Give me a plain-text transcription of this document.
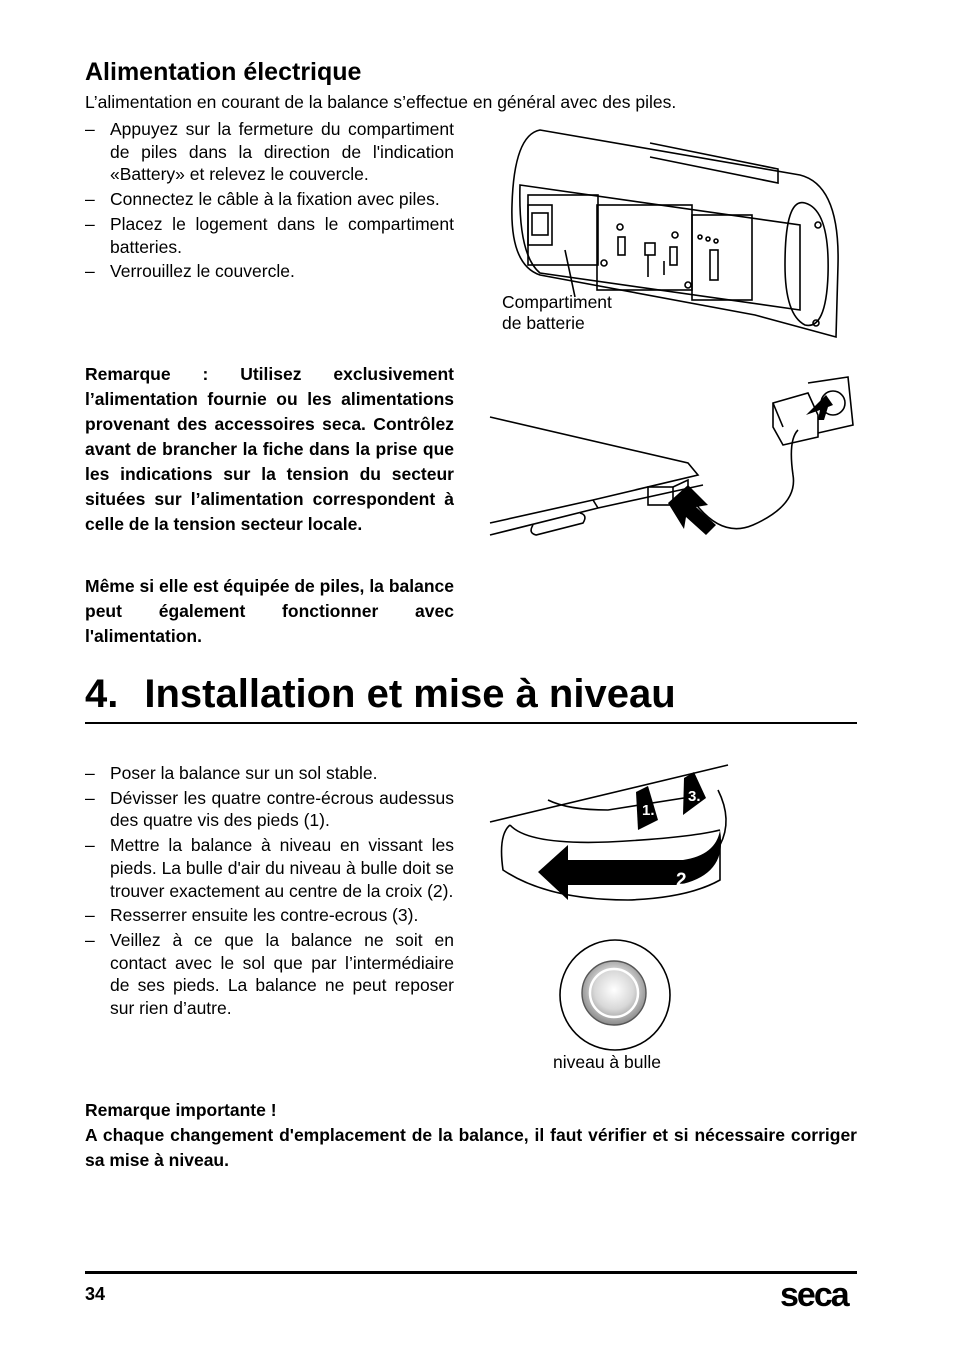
Alimentation électrique
L’alimentation en courant de la balance s’effectue en général avec des piles.
– Appuyez sur la fermeture du compartiment de piles dans la direction de l'indication «Battery» et relevez le couvercle.
– Connectez le câble à la fixation avec piles.
– Placez le logement dans le compartiment batteries.
– Verrouillez le couvercle.
Compartiment
de batterie

Remarque : Utilisez exclusivement l’alimentation fournie ou les alimentations provenant des accessoires seca. Contrôlez avant de brancher la fiche dans la prise que les indications sur la tension du secteur situées sur l’alimentation correspondent à celle de la tension secteur locale.

Même si elle est équipée de piles, la balance peut également fonctionner avec l'alimentation.

4. Installation et mise à niveau
– Poser la balance sur un sol stable.
– Dévisser les quatre contre-écrous audessus des quatre vis des pieds (1).
– Mettre la balance à niveau en vissant les pieds. La bulle d'air du niveau à bulle doit se trouver exactement au centre de la croix (2).
– Resserrer ensuite les contre-ecrous (3).
– Veillez à ce que la balance ne soit en contact avec le sol que par l’intermédiaire de ses pieds. La balance ne peut reposer sur rien d’autre.
1.
3.
2.
niveau à bulle
Remarque importante !
A chaque changement d'emplacement de la balance, il faut vérifier et si nécessaire corriger sa mise à niveau.
34	seca
